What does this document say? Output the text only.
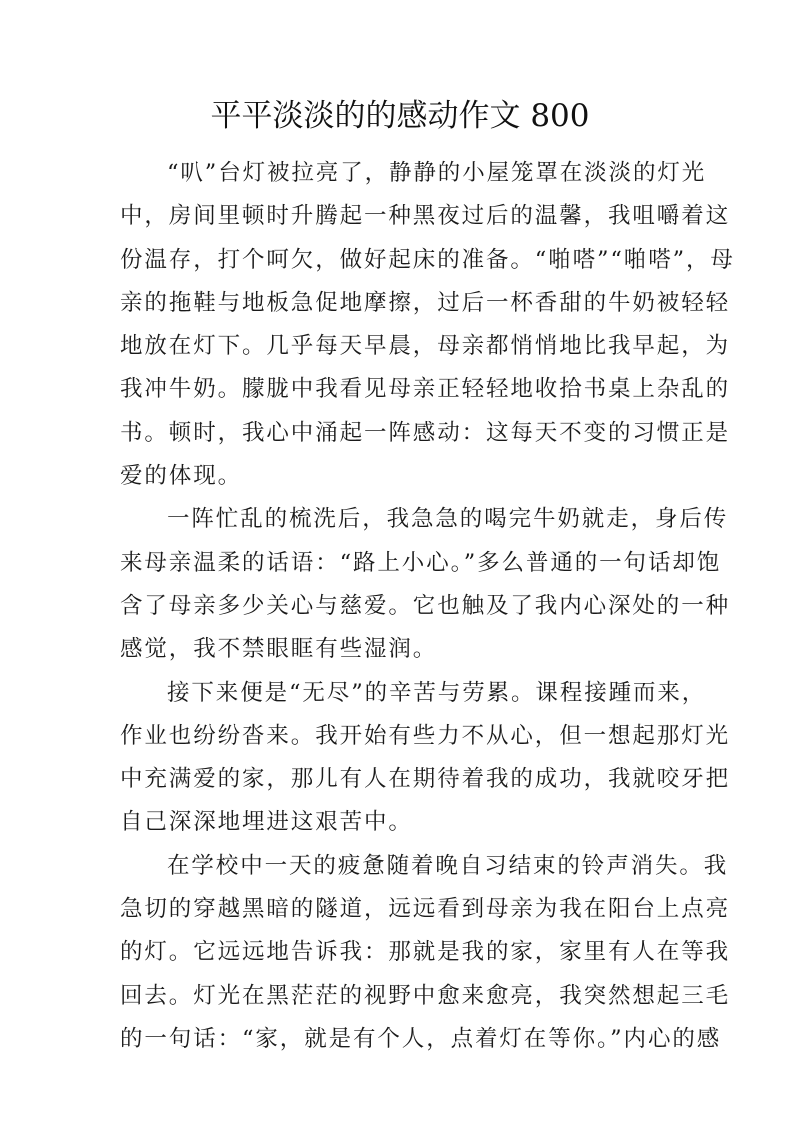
平平淡淡的的感动作文 800
“叭”台灯被拉亮了，静静的小屋笼罩在淡淡的灯光
中，房间里顿时升腾起一种黑夜过后的温馨，我咀嚼着这
份温存，打个呵欠，做好起床的准备。“啪嗒”“啪嗒”，母
亲的拖鞋与地板急促地摩擦，过后一杯香甜的牛奶被轻轻
地放在灯下。几乎每天早晨，母亲都悄悄地比我早起，为
我冲牛奶。朦胧中我看见母亲正轻轻地收拾书桌上杂乱的
书。顿时，我心中涌起一阵感动：这每天不变的习惯正是
爱的体现。
一阵忙乱的梳洗后，我急急的喝完牛奶就走，身后传
来母亲温柔的话语：“路上小心。”多么普通的一句话却饱
含了母亲多少关心与慈爱。它也触及了我内心深处的一种
感觉，我不禁眼眶有些湿润。
接下来便是“无尽”的辛苦与劳累。课程接踵而来，
作业也纷纷沓来。我开始有些力不从心，但一想起那灯光
中充满爱的家，那儿有人在期待着我的成功，我就咬牙把
自己深深地埋进这艰苦中。
在学校中一天的疲惫随着晚自习结束的铃声消失。我
急切的穿越黑暗的隧道，远远看到母亲为我在阳台上点亮
的灯。它远远地告诉我：那就是我的家，家里有人在等我
回去。灯光在黑茫茫的视野中愈来愈亮，我突然想起三毛
的一句话：“家，就是有个人，点着灯在等你。”内心的感
